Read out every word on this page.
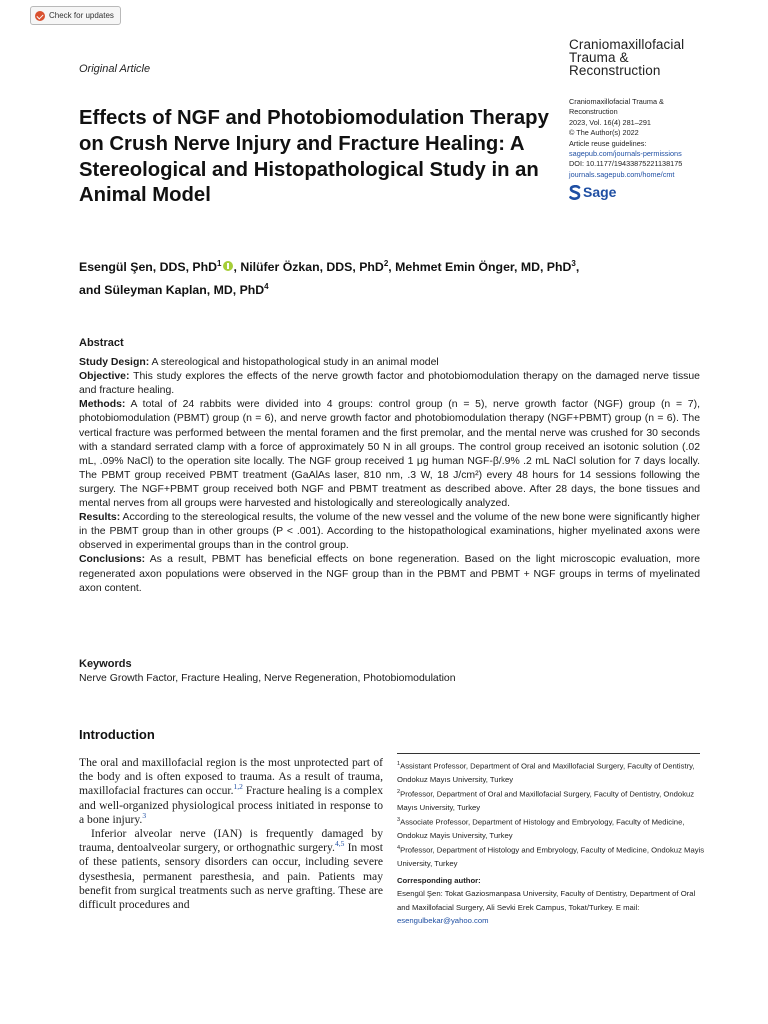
Check for updates
Craniomaxillofacial
Trauma &
Reconstruction
Original Article
Effects of NGF and Photobiomodulation Therapy on Crush Nerve Injury and Fracture Healing: A Stereological and Histopathological Study in an Animal Model
Craniomaxillofacial Trauma &
Reconstruction
2023, Vol. 16(4) 281–291
© The Author(s) 2022
Article reuse guidelines:
sagepub.com/journals-permissions
DOI: 10.1177/19433875221138175
journals.sagepub.com/home/cmt
Sage
Esengül Şen, DDS, PhD$^1$ , Nilüfer Özkan, DDS, PhD$^2$, Mehmet Emin Önger, MD, PhD$^3$,
and Süleyman Kaplan, MD, PhD$^4$
Abstract

Study Design: A stereological and histopathological study in an animal model

Objective: This study explores the effects of the nerve growth factor and photobiomodulation therapy on the damaged nerve tissue and fracture healing.

Methods: A total of 24 rabbits were divided into 4 groups: control group (n = 5), nerve growth factor (NGF) group (n = 7), photobiomodulation (PBMT) group (n = 6), and nerve growth factor and photobiomodulation therapy (NGF+PBMT) group (n = 6). The vertical fracture was performed between the mental foramen and the first premolar, and the mental nerve was crushed for 30 seconds with a standard serrated clamp with a force of approximately 50 N in all groups. The control group received an isotonic solution (.02 mL, .09% NaCl) to the operation site locally. The NGF group received 1 μg human NGF-β/.9% .2 mL NaCl solution for 7 days locally. The PBMT group received PBMT treatment (GaAlAs laser, 810 nm, .3 W, 18 J/cm²) every 48 hours for 14 sessions following the surgery. The NGF+PBMT group received both NGF and PBMT treatment as described above. After 28 days, the bone tissues and mental nerves from all groups were harvested and histologically and stereologically analyzed.

Results: According to the stereological results, the volume of the new vessel and the volume of the new bone were significantly higher in the PBMT group than in other groups (P < .001). According to the histopathological examinations, higher myelinated axons were observed in experimental groups than in the control group.

Conclusions: As a result, PBMT has beneficial effects on bone regeneration. Based on the light microscopic evaluation, more regenerated axon populations were observed in the NGF group than in the PBMT and PBMT + NGF groups in terms of myelinated axon content.

Keywords
Nerve Growth Factor, Fracture Healing, Nerve Regeneration, Photobiomodulation
Introduction

The oral and maxillofacial region is the most unprotected part of the body and is often exposed to trauma. As a result of trauma, maxillofacial fractures can occur.$^{1,2}$ Fracture healing is a complex and well-organized physiological process initiated in response to a bone injury.$^3$

Inferior alveolar nerve (IAN) is frequently damaged by trauma, dentoalveolar surgery, or orthognathic surgery.$^{4,5}$ In most of these patients, sensory disorders can occur, including severe dysesthesia, permanent paresthesia, and pain. Patients may benefit from surgical treatments such as nerve grafting. These are difficult procedures and

$^1$Assistant Professor, Department of Oral and Maxillofacial Surgery, Faculty of Dentistry, Ondokuz Mayıs University, Turkey

$^2$Professor, Department of Oral and Maxillofacial Surgery, Faculty of Dentistry, Ondokuz Mayıs University, Turkey

$^3$Associate Professor, Department of Histology and Embryology, Faculty of Medicine, Ondokuz Mayis University, Turkey

$^4$Professor, Department of Histology and Embryology, Faculty of Medicine, Ondokuz Mayis University, Turkey

Corresponding author:
Esengül Şen: Tokat Gaziosmanpasa University, Faculty of Dentistry, Department of Oral and Maxillofacial Surgery, Ali Sevki Erek Campus, Tokat/Turkey. E mail: esengulbekar@yahoo.com
